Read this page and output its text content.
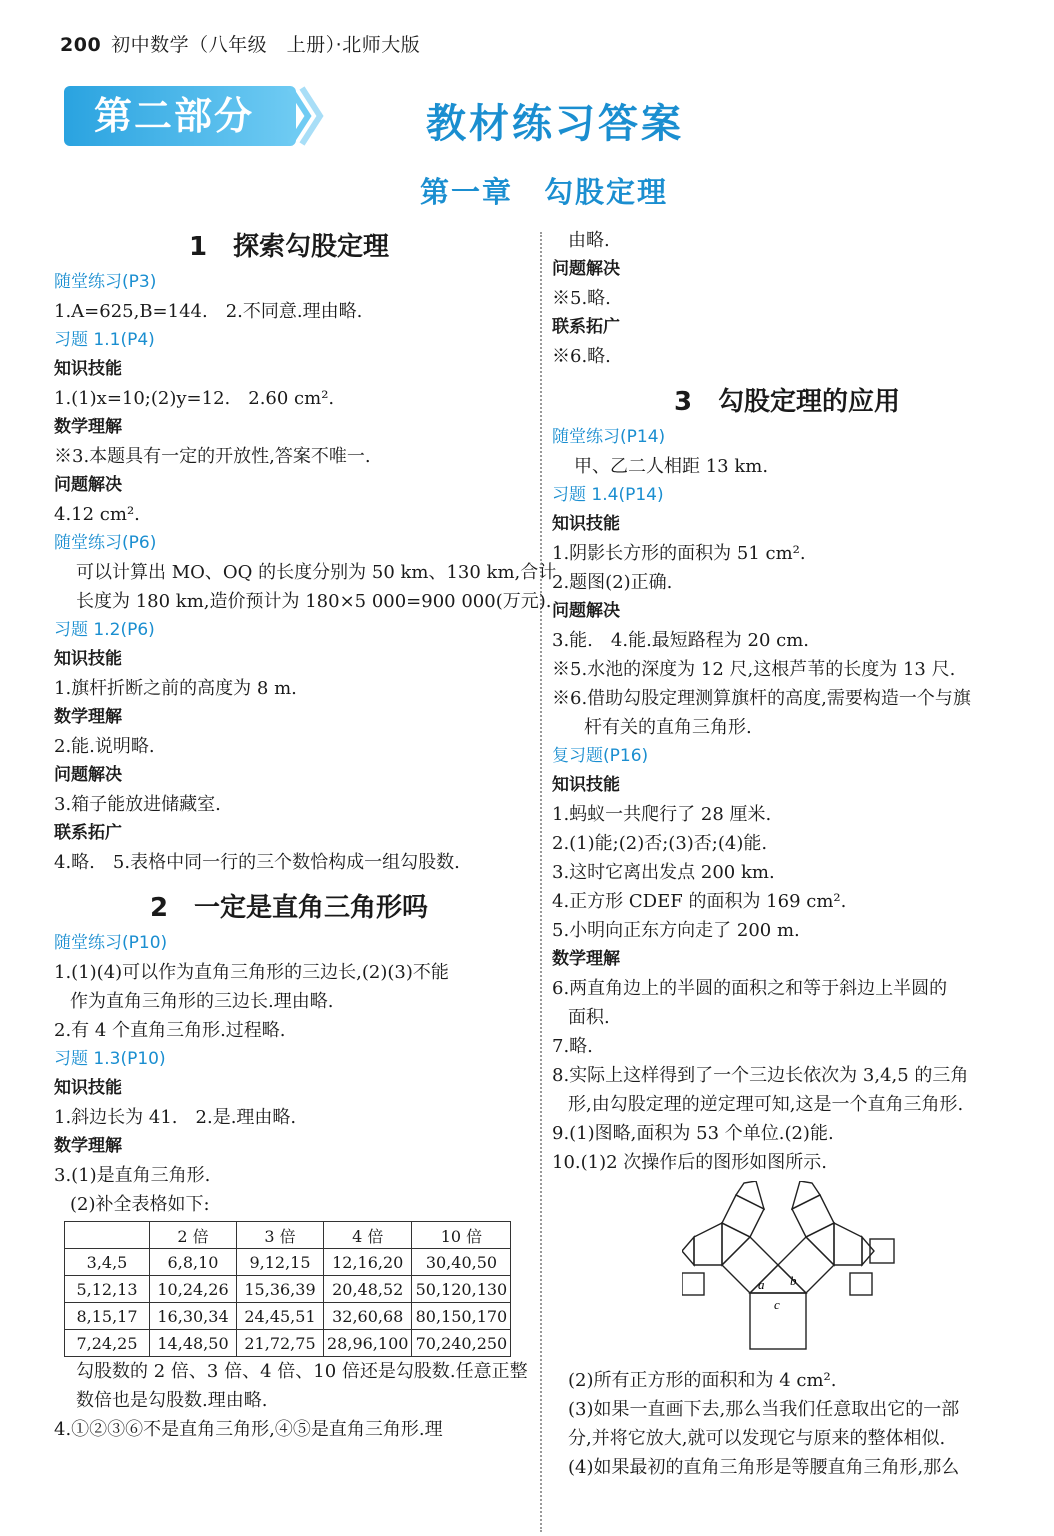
200 初中数学（八年级　上册）·北师大版
第二部分	教材练习答案
第一章　勾股定理
1　探索勾股定理
随堂练习(P3)
1.A=625,B=144.　2.不同意.理由略.
习题 1.1(P4)
知识技能
1.(1)x=10;(2)y=12.　2.60 cm².
数学理解
※3.本题具有一定的开放性,答案不唯一.
问题解决
4.12 cm².
随堂练习(P6)
可以计算出 MO、OQ 的长度分别为 50 km、130 km,合计
长度为 180 km,造价预计为 180×5 000=900 000(万元).
习题 1.2(P6)
知识技能
1.旗杆折断之前的高度为 8 m.
数学理解
2.能.说明略.
问题解决
3.箱子能放进储藏室.
联系拓广
4.略.　5.表格中同一行的三个数恰构成一组勾股数.
2　一定是直角三角形吗
随堂练习(P10)
1.(1)(4)可以作为直角三角形的三边长,(2)(3)不能
作为直角三角形的三边长.理由略.
2.有 4 个直角三角形.过程略.
习题 1.3(P10)
知识技能
1.斜边长为 41.　2.是.理由略.
数学理解
3.(1)是直角三角形.
(2)补全表格如下:
	2 倍	3 倍	4 倍	10 倍
3,4,5	6,8,10	9,12,15	12,16,20	30,40,50
5,12,13	10,24,26	15,36,39	20,48,52	50,120,130
8,15,17	16,30,34	24,45,51	32,60,68	80,150,170
7,24,25	14,48,50	21,72,75	28,96,100	70,240,250
勾股数的 2 倍、3 倍、4 倍、10 倍还是勾股数.任意正整
数倍也是勾股数.理由略.
4.①②③⑥不是直角三角形,④⑤是直角三角形.理
由略.
问题解决
※5.略.
联系拓广
※6.略.
3　勾股定理的应用
随堂练习(P14)
甲、乙二人相距 13 km.
习题 1.4(P14)
知识技能
1.阴影长方形的面积为 51 cm².
2.题图(2)正确.
问题解决
3.能.　4.能.最短路程为 20 cm.
※5.水池的深度为 12 尺,这根芦苇的长度为 13 尺.
※6.借助勾股定理测算旗杆的高度,需要构造一个与旗
杆有关的直角三角形.
复习题(P16)
知识技能
1.蚂蚁一共爬行了 28 厘米.
2.(1)能;(2)否;(3)否;(4)能.
3.这时它离出发点 200 km.
4.正方形 CDEF 的面积为 169 cm².
5.小明向正东方向走了 200 m.
数学理解
6.两直角边上的半圆的面积之和等于斜边上半圆的
面积.
7.略.
8.实际上这样得到了一个三边长依次为 3,4,5 的三角
形,由勾股定理的逆定理可知,这是一个直角三角形.
9.(1)图略,面积为 53 个单位.(2)能.
10.(1)2 次操作后的图形如图所示.
a b
c
(2)所有正方形的面积和为 4 cm².
(3)如果一直画下去,那么当我们任意取出它的一部
分,并将它放大,就可以发现它与原来的整体相似.
(4)如果最初的直角三角形是等腰直角三角形,那么
